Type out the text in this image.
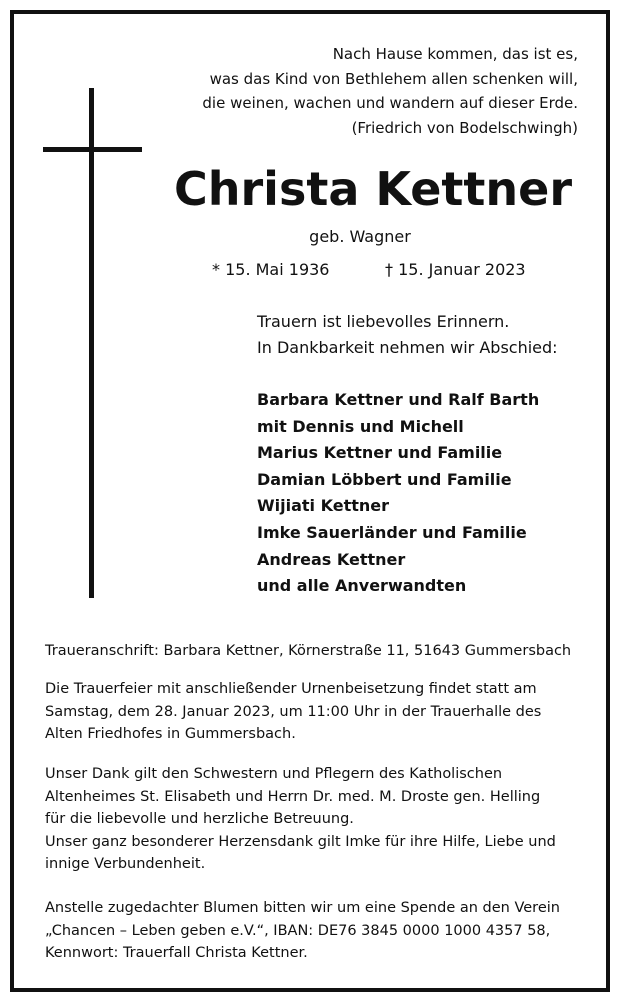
Nach Hause kommen, das ist es,
was das Kind von Bethlehem allen schenken will,
die weinen, wachen und wandern auf dieser Erde.
(Friedrich von Bodelschwingh)
Christa Kettner
geb. Wagner
* 15. Mai 1936	† 15. Januar 2023
Trauern ist liebevolles Erinnern.
In Dankbarkeit nehmen wir Abschied:
Barbara Kettner und Ralf Barth
mit Dennis und Michell
Marius Kettner und Familie
Damian Löbbert und Familie
Wijiati Kettner
Imke Sauerländer und Familie
Andreas Kettner
und alle Anverwandten
Traueranschrift: Barbara Kettner, Körnerstraße 11, 51643 Gummersbach
Die Trauerfeier mit anschließender Urnenbeisetzung findet statt am
Samstag, dem 28. Januar 2023, um 11:00 Uhr in der Trauerhalle des
Alten Friedhofes in Gummersbach.
Unser Dank gilt den Schwestern und Pflegern des Katholischen
Altenheimes St. Elisabeth und Herrn Dr. med. M. Droste gen. Helling
für die liebevolle und herzliche Betreuung.
Unser ganz besonderer Herzensdank gilt Imke für ihre Hilfe, Liebe und
innige Verbundenheit.
Anstelle zugedachter Blumen bitten wir um eine Spende an den Verein
„Chancen – Leben geben e.V.“, IBAN: DE76 3845 0000 1000 4357 58,
Kennwort: Trauerfall Christa Kettner.
